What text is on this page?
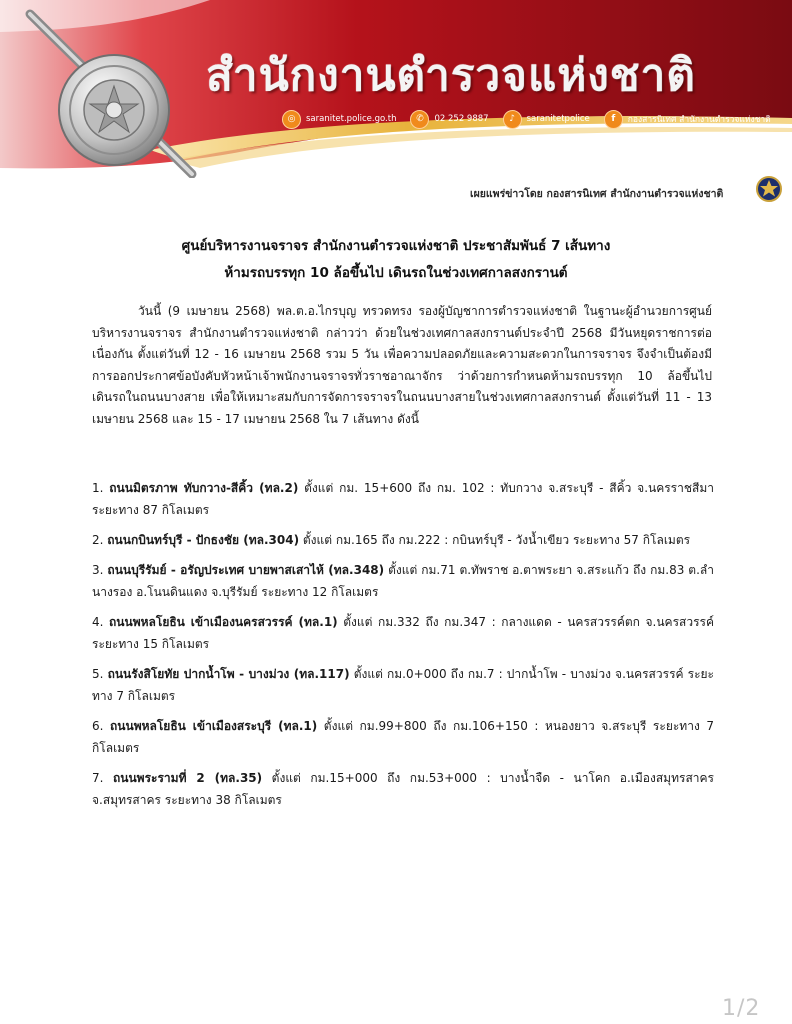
สำนักงานตำรวจแห่งชาติ
◎	saranitet.police.go.th	✆	02 252 9887	♪	saranitetpolice	f	กองสารนิเทศ สำนักงานตำรวจแห่งชาติ
เผยแพร่ข่าวโดย กองสารนิเทศ สำนักงานตำรวจแห่งชาติ
ศูนย์บริหารงานจราจร สำนักงานตำรวจแห่งชาติ ประชาสัมพันธ์ 7 เส้นทาง
ห้ามรถบรรทุก 10 ล้อขึ้นไป เดินรถในช่วงเทศกาลสงกรานต์
วันนี้ (9 เมษายน 2568) พล.ต.อ.ไกรบุญ ทรวดทรง รองผู้บัญชาการตำรวจแห่งชาติ ในฐานะผู้อำนวยการศูนย์บริหารงานจราจร สำนักงานตำรวจแห่งชาติ กล่าวว่า ด้วยในช่วงเทศกาลสงกรานต์ประจำปี 2568 มีวันหยุดราชการต่อเนื่องกัน ตั้งแต่วันที่ 12 - 16 เมษายน 2568 รวม 5 วัน เพื่อความปลอดภัยและความสะดวกในการจราจร จึงจำเป็นต้องมีการออกประกาศข้อบังคับหัวหน้าเจ้าพนักงานจราจรทั่วราชอาณาจักร ว่าด้วยการกำหนดห้ามรถบรรทุก 10 ล้อขึ้นไป เดินรถในถนนบางสาย เพื่อให้เหมาะสมกับการจัดการจราจรในถนนบางสายในช่วงเทศกาลสงกรานต์ ตั้งแต่วันที่ 11 - 13 เมษายน 2568 และ 15 - 17 เมษายน 2568 ใน 7 เส้นทาง ดังนี้

1. ถนนมิตรภาพ ทับกวาง-สีคิ้ว (ทล.2) ตั้งแต่ กม. 15+600 ถึง กม. 102 : ทับกวาง จ.สระบุรี - สีคิ้ว จ.นครราชสีมา ระยะทาง 87 กิโลเมตร

2. ถนนกบินทร์บุรี - ปักธงชัย (ทล.304) ตั้งแต่ กม.165 ถึง กม.222 : กบินทร์บุรี - วังน้ำเขียว ระยะทาง 57 กิโลเมตร

3. ถนนบุรีรัมย์ - อรัญประเทศ บายพาสเสาไห้ (ทล.348) ตั้งแต่ กม.71 ต.ทัพราช อ.ตาพระยา จ.สระแก้ว ถึง กม.83 ต.ลำนางรอง อ.โนนดินแดง จ.บุรีรัมย์ ระยะทาง 12 กิโลเมตร

4. ถนนพหลโยธิน เข้าเมืองนครสวรรค์ (ทล.1) ตั้งแต่ กม.332 ถึง กม.347 : กลางแดด - นครสวรรค์ตก จ.นครสวรรค์ ระยะทาง 15 กิโลเมตร

5. ถนนรังสิโยทัย ปากน้ำโพ - บางม่วง (ทล.117) ตั้งแต่ กม.0+000 ถึง กม.7 : ปากน้ำโพ - บางม่วง จ.นครสวรรค์ ระยะทาง 7 กิโลเมตร

6. ถนนพหลโยธิน เข้าเมืองสระบุรี (ทล.1) ตั้งแต่ กม.99+800 ถึง กม.106+150 : หนองยาว จ.สระบุรี ระยะทาง 7 กิโลเมตร

7. ถนนพระรามที่ 2 (ทล.35) ตั้งแต่ กม.15+000 ถึง กม.53+000 : บางน้ำจืด - นาโคก อ.เมืองสมุทรสาคร จ.สมุทรสาคร ระยะทาง 38 กิโลเมตร

1/2
